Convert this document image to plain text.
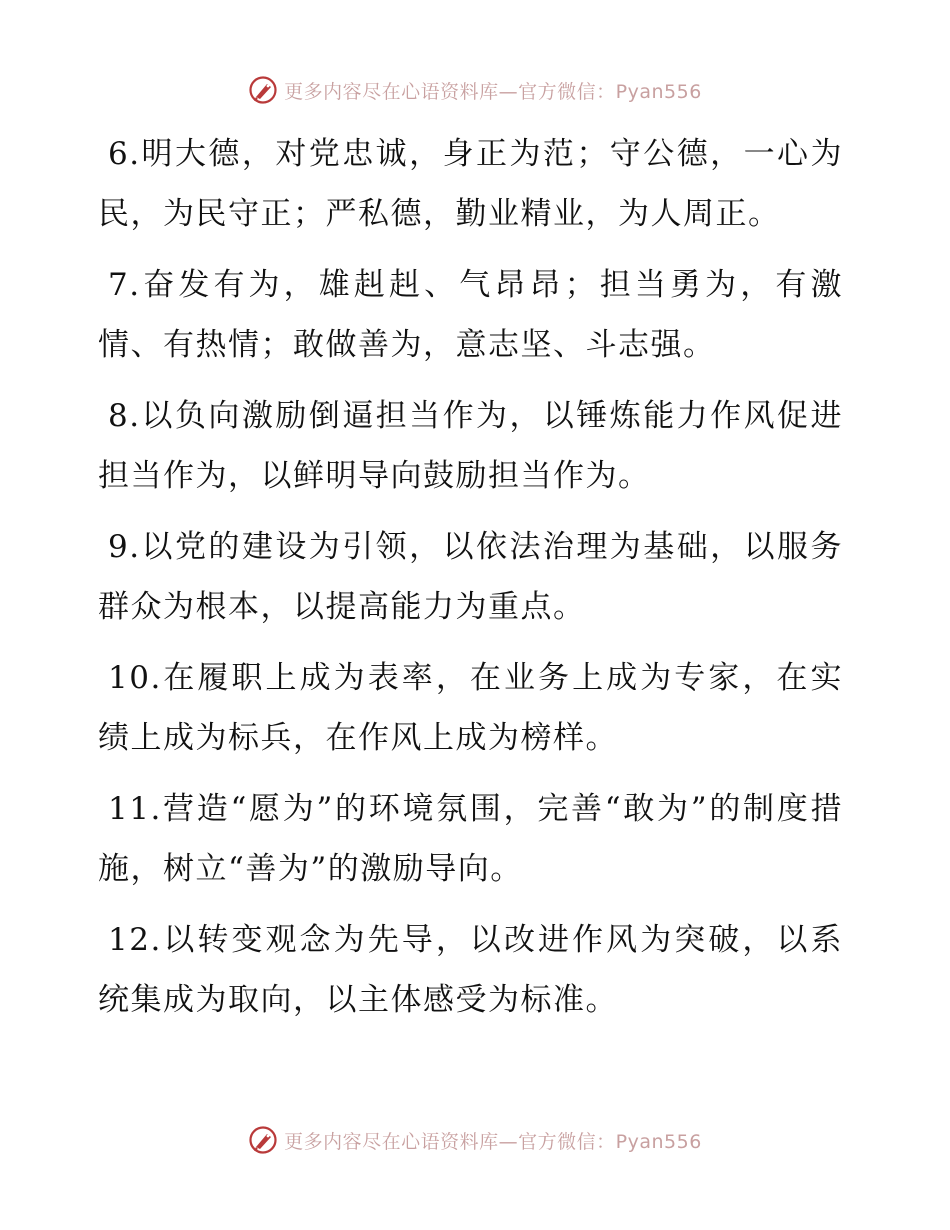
更多内容尽在心语资料库—官方微信：Pyan556

6.明大德，对党忠诚，身正为范；守公德，一心为民，为民守正；严私德，勤业精业，为人周正。

7.奋发有为，雄赳赳、气昂昂；担当勇为，有激情、有热情；敢做善为，意志坚、斗志强。

8.以负向激励倒逼担当作为，以锤炼能力作风促进担当作为，以鲜明导向鼓励担当作为。

9.以党的建设为引领，以依法治理为基础，以服务群众为根本，以提高能力为重点。

10.在履职上成为表率，在业务上成为专家，在实绩上成为标兵，在作风上成为榜样。

11.营造“愿为”的环境氛围，完善“敢为”的制度措施，树立“善为”的激励导向。

12.以转变观念为先导，以改进作风为突破，以系统集成为取向，以主体感受为标准。

更多内容尽在心语资料库—官方微信：Pyan556
